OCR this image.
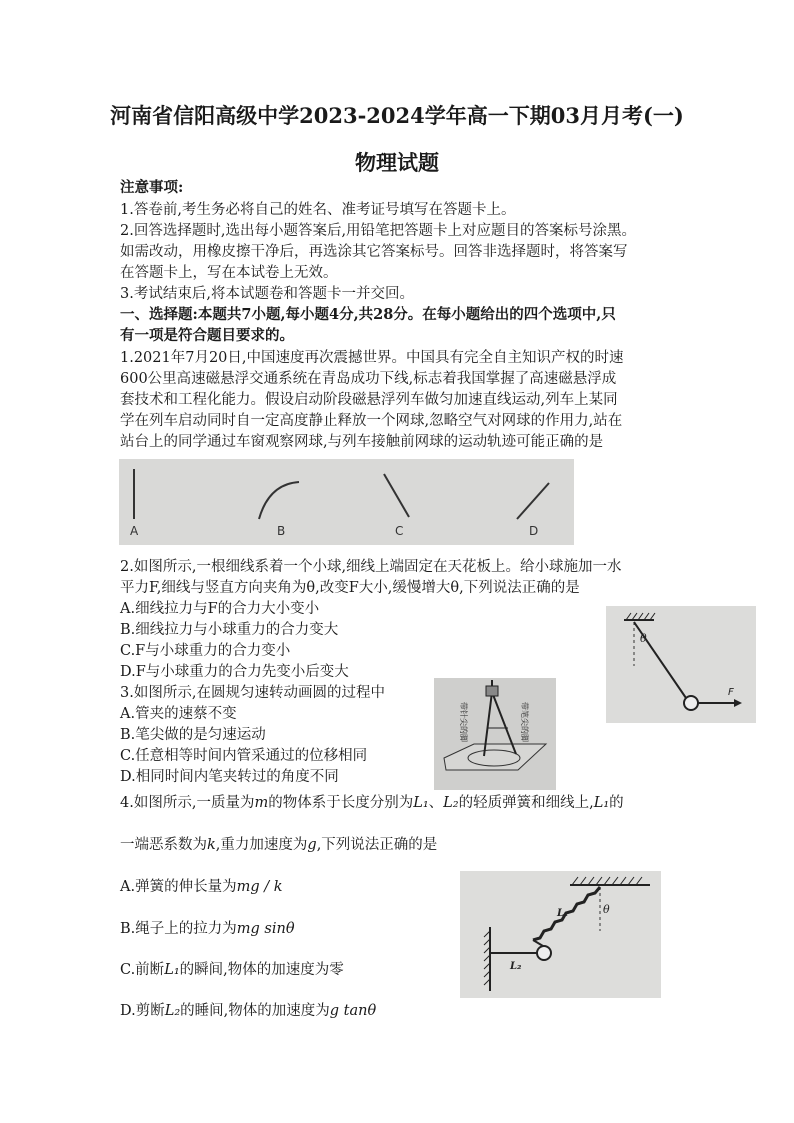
河南省信阳高级中学2023-2024学年高一下期03月月考(一)
物理试题
注意事项:
1.答卷前,考生务必将自己的姓名、准考证号填写在答题卡上。
2.回答选择题时,选出每小题答案后,用铅笔把答题卡上对应题目的答案标号涂黑。
如需改动，用橡皮擦干净后，再选涂其它答案标号。回答非选择题时，将答案写
在答题卡上，写在本试卷上无效。
3.考试结束后,将本试题卷和答题卡一并交回。
一、选择题:本题共7小题,每小题4分,共28分。在每小题给出的四个选项中,只
有一项是符合题目要求的。
1.2021年7月20日,中国速度再次震撼世界。中国具有完全自主知识产权的时速
600公里高速磁悬浮交通系统在青岛成功下线,标志着我国掌握了高速磁悬浮成
套技术和工程化能力。假设启动阶段磁悬浮列车做匀加速直线运动,列车上某同
学在列车启动同时自一定高度静止释放一个网球,忽略空气对网球的作用力,站在
站台上的同学通过车窗观察网球,与列车接触前网球的运动轨迹可能正确的是
A	B	C	D
2.如图所示,一根细线系着一个小球,细线上端固定在天花板上。给小球施加一水
平力F,细线与竖直方向夹角为θ,改变F大小,缓慢增大θ,下列说法正确的是
A.细线拉力与F的合力大小变小
B.细线拉力与小球重力的合力变大
C.F与小球重力的合力变小
D.F与小球重力的合力先变小后变大
θ
F
3.如图所示,在圆规匀速转动画圆的过程中
A.管夹的速蔡不变
B.笔尖做的是匀速运动
C.任意相等时间内管采通过的位移相同
D.相同时间内笔夹转过的角度不同
带针尖的脚	带笔尖的脚
4.如图所示,一质量为m的物体系于长度分别为L₁、L₂的轻质弹簧和细线上,L₁的
一端恶系数为k,重力加速度为g,下列说法正确的是
A.弹簧的伸长量为mg / k
B.绳子上的拉力为mg sinθ
C.前断L₁的瞬间,物体的加速度为零
D.剪断L₂的睡间,物体的加速度为g tanθ
L₁
L₂
θ
